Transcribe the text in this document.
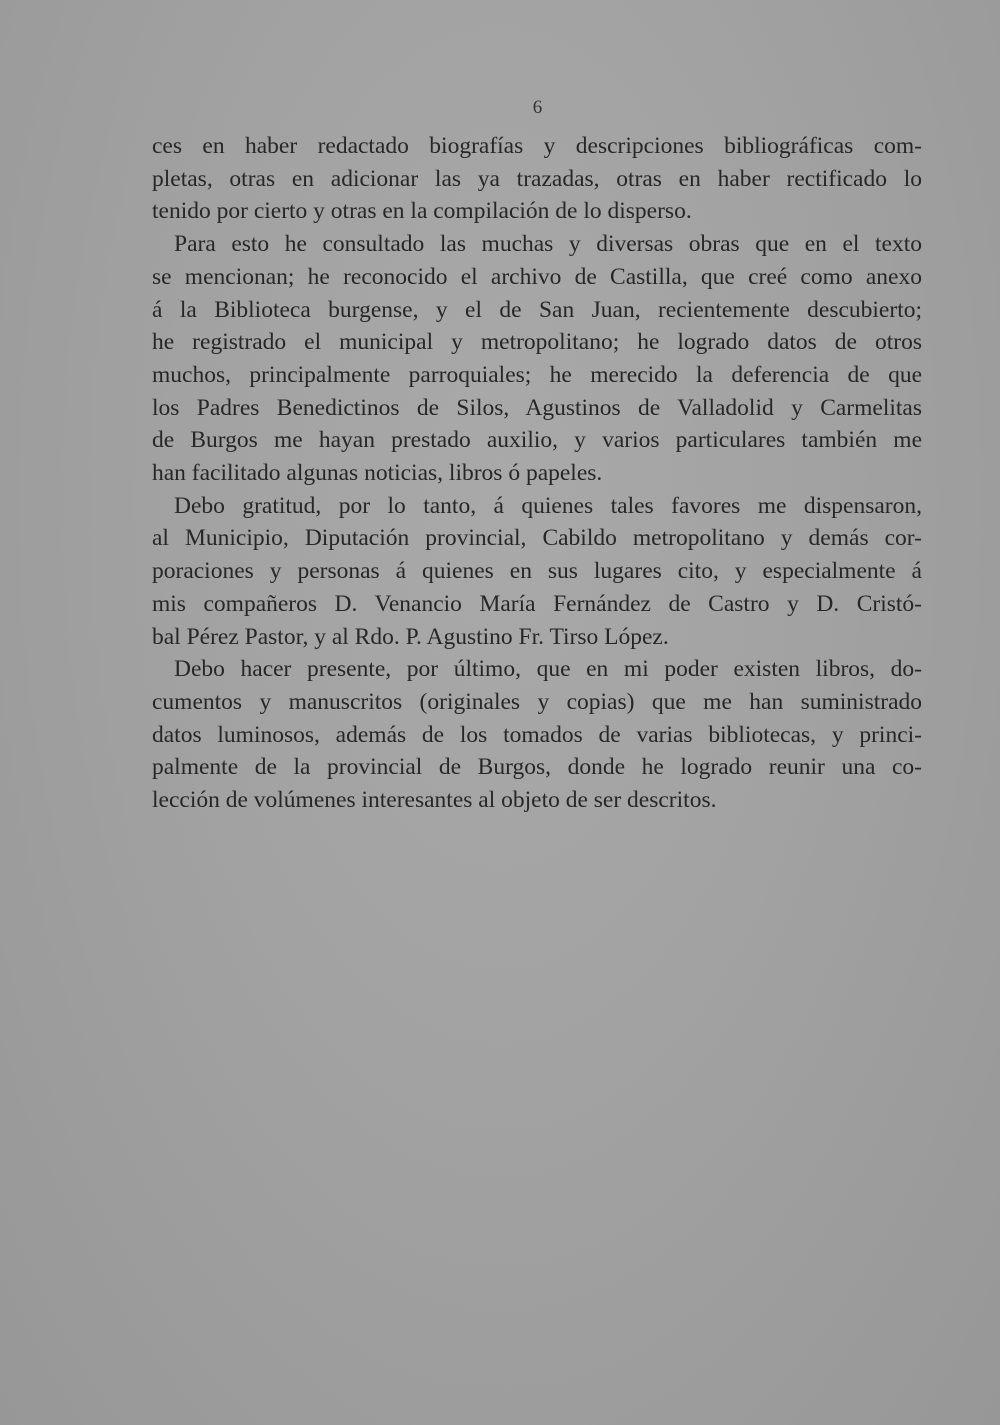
6

ces en haber redactado biografías y descripciones bibliográficas com-
pletas, otras en adicionar las ya trazadas, otras en haber rectificado lo
tenido por cierto y otras en la compilación de lo disperso.
Para esto he consultado las muchas y diversas obras que en el texto
se mencionan; he reconocido el archivo de Castilla, que creé como anexo
á la Biblioteca burgense, y el de San Juan, recientemente descubierto;
he registrado el municipal y metropolitano; he logrado datos de otros
muchos, principalmente parroquiales; he merecido la deferencia de que
los Padres Benedictinos de Silos, Agustinos de Valladolid y Carmelitas
de Burgos me hayan prestado auxilio, y varios particulares también me
han facilitado algunas noticias, libros ó papeles.
Debo gratitud, por lo tanto, á quienes tales favores me dispensaron,
al Municipio, Diputación provincial, Cabildo metropolitano y demás cor-
poraciones y personas á quienes en sus lugares cito, y especialmente á
mis compañeros D. Venancio María Fernández de Castro y D. Cristó-
bal Pérez Pastor, y al Rdo. P. Agustino Fr. Tirso López.
Debo hacer presente, por último, que en mi poder existen libros, do-
cumentos y manuscritos (originales y copias) que me han suministrado
datos luminosos, además de los tomados de varias bibliotecas, y princi-
palmente de la provincial de Burgos, donde he logrado reunir una co-
lección de volúmenes interesantes al objeto de ser descritos.
